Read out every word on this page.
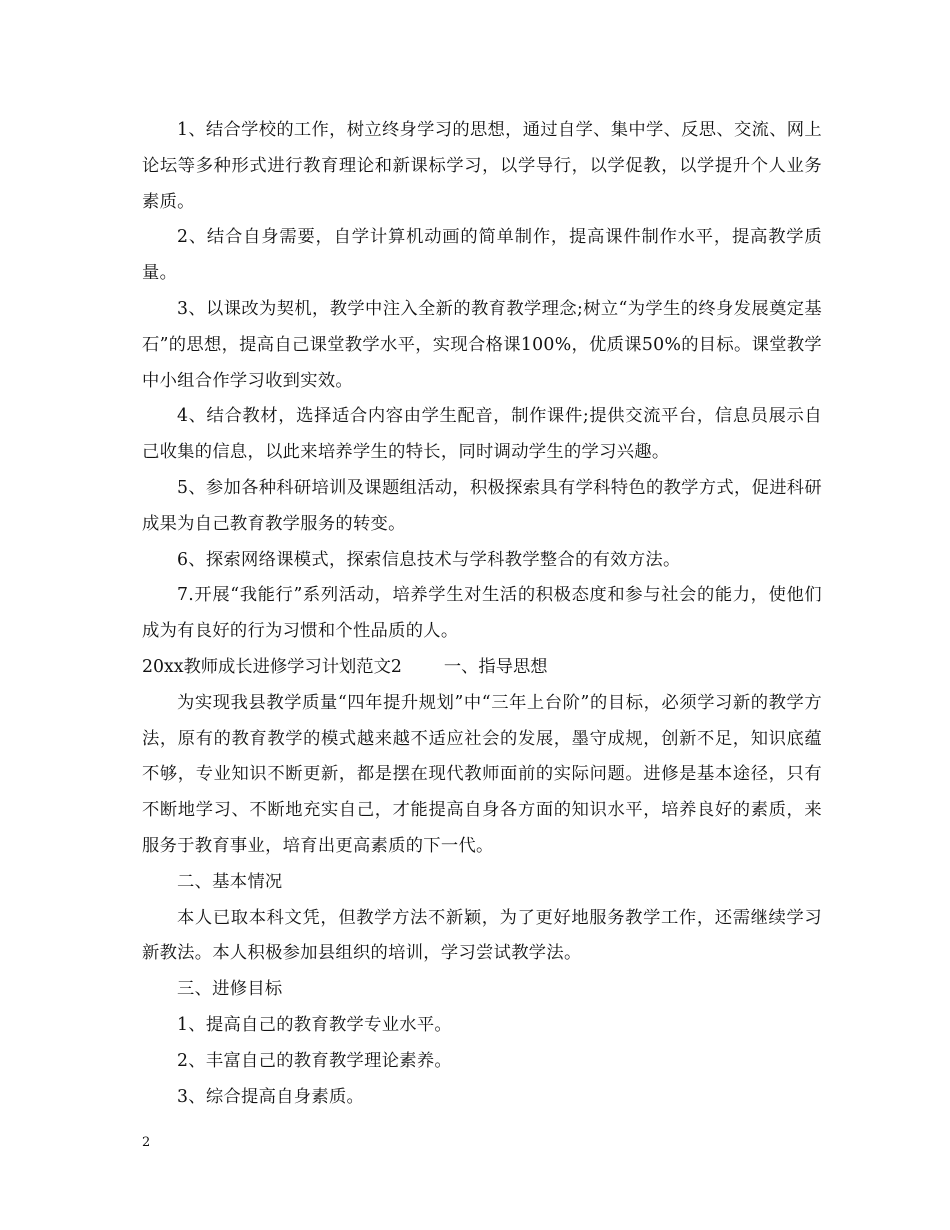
1、结合学校的工作，树立终身学习的思想，通过自学、集中学、反思、交流、网上论坛等多种形式进行教育理论和新课标学习，以学导行，以学促教，以学提升个人业务素质。

2、结合自身需要，自学计算机动画的简单制作，提高课件制作水平，提高教学质量。

3、以课改为契机，教学中注入全新的教育教学理念;树立“为学生的终身发展奠定基石”的思想，提高自己课堂教学水平，实现合格课100%，优质课50%的目标。课堂教学中小组合作学习收到实效。

4、结合教材，选择适合内容由学生配音，制作课件;提供交流平台，信息员展示自己收集的信息，以此来培养学生的特长，同时调动学生的学习兴趣。

5、参加各种科研培训及课题组活动，积极探索具有学科特色的教学方式，促进科研成果为自己教育教学服务的转变。

6、探索网络课模式，探索信息技术与学科教学整合的有效方法。

7.开展“我能行”系列活动，培养学生对生活的积极态度和参与社会的能力，使他们成为有良好的行为习惯和个性品质的人。

20xx教师成长进修学习计划范文2 一、指导思想

为实现我县教学质量“四年提升规划”中“三年上台阶”的目标，必须学习新的教学方法，原有的教育教学的模式越来越不适应社会的发展，墨守成规，创新不足，知识底蕴不够，专业知识不断更新，都是摆在现代教师面前的实际问题。进修是基本途径，只有不断地学习、不断地充实自己，才能提高自身各方面的知识水平，培养良好的素质，来服务于教育事业，培育出更高素质的下一代。

二、基本情况

本人已取本科文凭，但教学方法不新颖，为了更好地服务教学工作，还需继续学习新教法。本人积极参加县组织的培训，学习尝试教学法。

三、进修目标

1、提高自己的教育教学专业水平。

2、丰富自己的教育教学理论素养。

3、综合提高自身素质。

2
